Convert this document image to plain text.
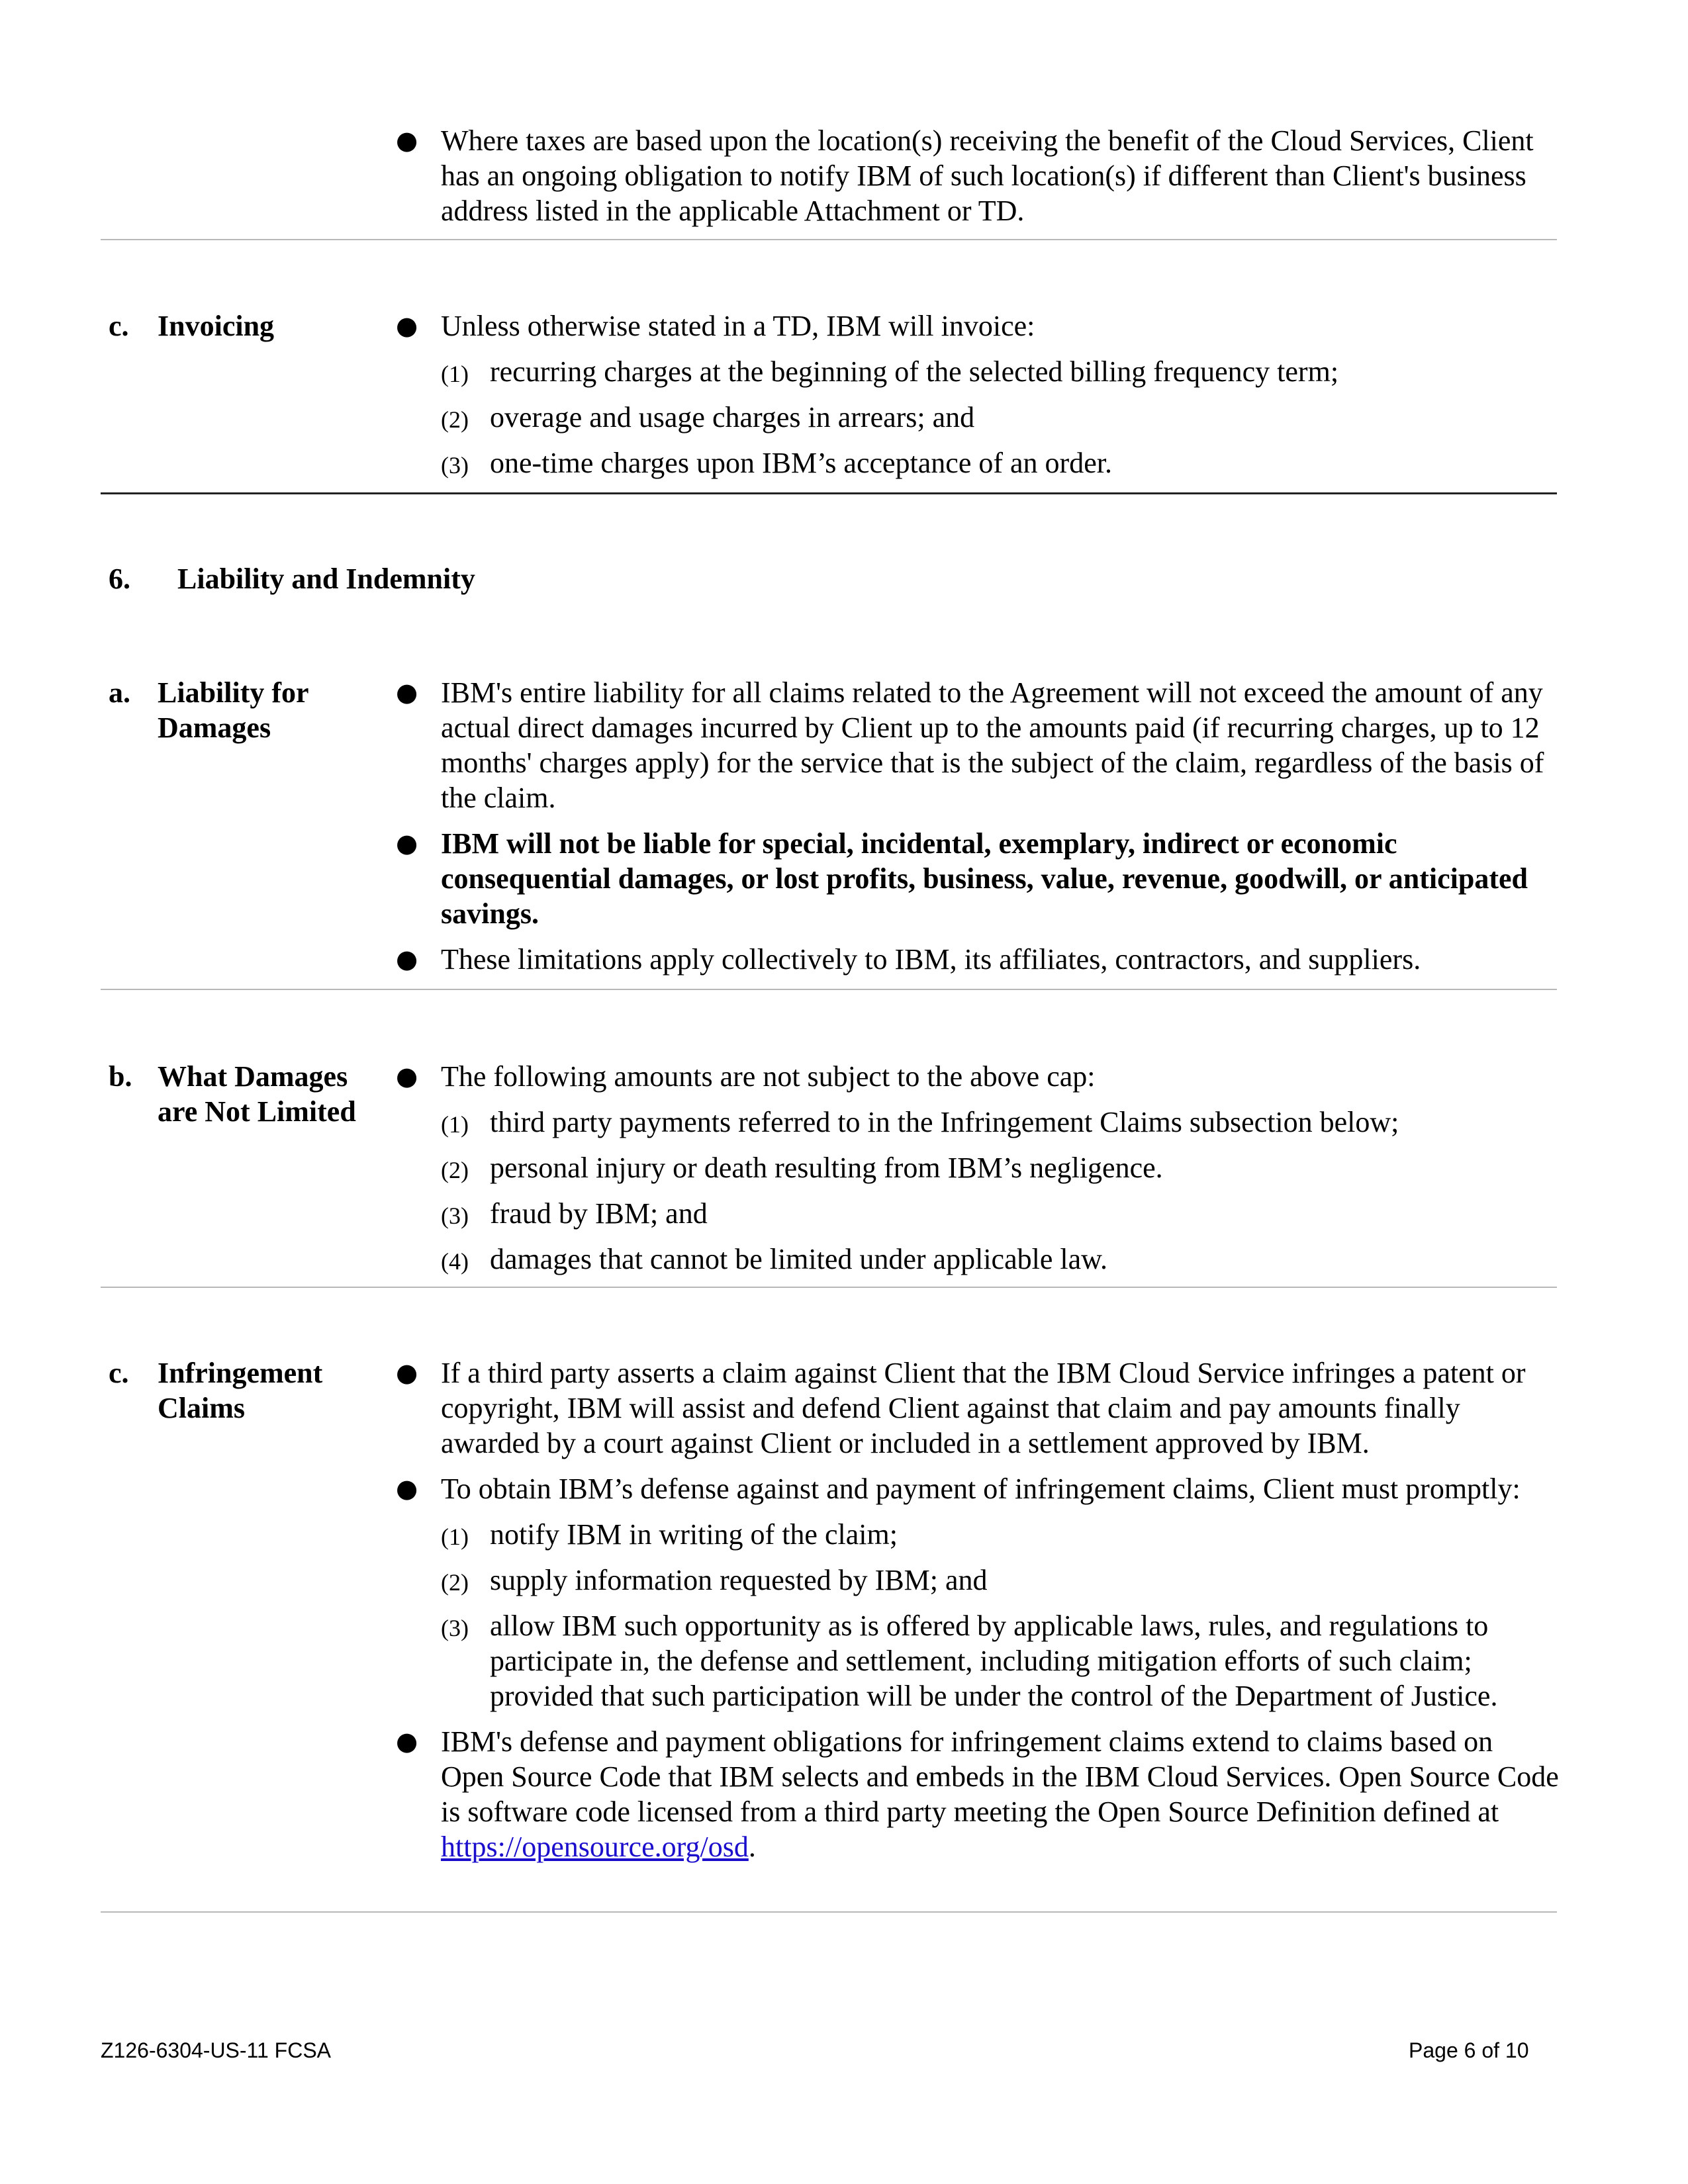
● Where taxes are based upon the location(s) receiving the benefit of the Cloud Services, Client has an ongoing obligation to notify IBM of such location(s) if different than Client's business address listed in the applicable Attachment or TD.
c. Invoicing	● Unless otherwise stated in a TD, IBM will invoice:
(1) recurring charges at the beginning of the selected billing frequency term;
(2) overage and usage charges in arrears; and
(3) one-time charges upon IBM’s acceptance of an order.
6. Liability and Indemnity
a. Liability for
Damages
● IBM's entire liability for all claims related to the Agreement will not exceed the amount of any actual direct damages incurred by Client up to the amounts paid (if recurring charges, up to 12 months' charges apply) for the service that is the subject of the claim, regardless of the basis of the claim.
● IBM will not be liable for special, incidental, exemplary, indirect or economic consequential damages, or lost profits, business, value, revenue, goodwill, or anticipated savings.
● These limitations apply collectively to IBM, its affiliates, contractors, and suppliers.
b. What Damages
are Not Limited
● The following amounts are not subject to the above cap:
(1) third party payments referred to in the Infringement Claims subsection below;
(2) personal injury or death resulting from IBM’s negligence.
(3) fraud by IBM; and
(4) damages that cannot be limited under applicable law.
c. Infringement
Claims
● If a third party asserts a claim against Client that the IBM Cloud Service infringes a patent or copyright, IBM will assist and defend Client against that claim and pay amounts finally awarded by a court against Client or included in a settlement approved by IBM.
● To obtain IBM’s defense against and payment of infringement claims, Client must promptly:
(1) notify IBM in writing of the claim;
(2) supply information requested by IBM; and
(3) allow IBM such opportunity as is offered by applicable laws, rules, and regulations to participate in, the defense and settlement, including mitigation efforts of such claim; provided that such participation will be under the control of the Department of Justice.
● IBM's defense and payment obligations for infringement claims extend to claims based on Open Source Code that IBM selects and embeds in the IBM Cloud Services. Open Source Code is software code licensed from a third party meeting the Open Source Definition defined at https://opensource.org/osd.
Z126-6304-US-11 FCSA	Page 6 of 10
